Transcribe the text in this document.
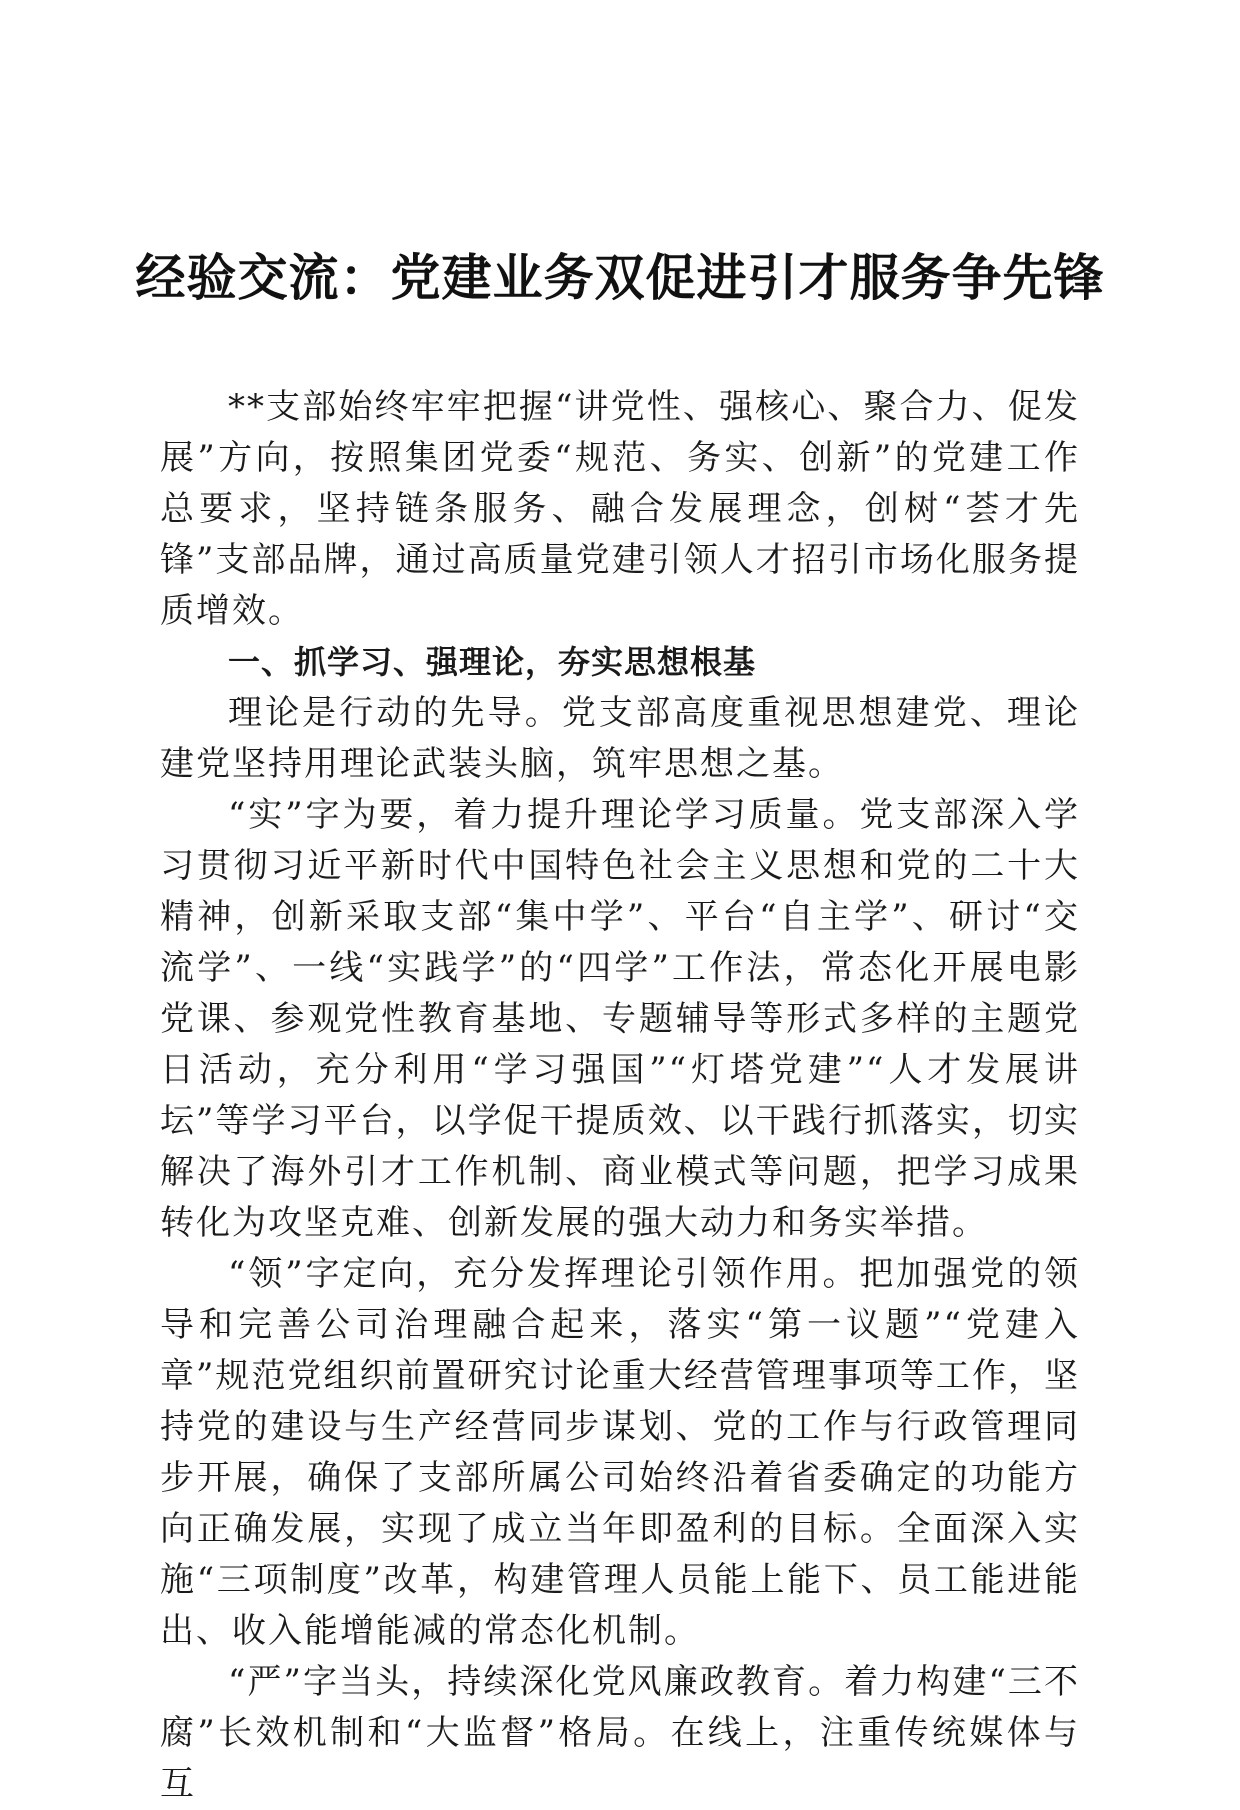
经验交流：党建业务双促进引才服务争先锋

**支部始终牢牢把握“讲党性、强核心、聚合力、促发展”方向，按照集团党委“规范、务实、创新”的党建工作总要求，坚持链条服务、融合发展理念，创树“荟才先锋”支部品牌，通过高质量党建引领人才招引市场化服务提质增效。

一、抓学习、强理论，夯实思想根基

理论是行动的先导。党支部高度重视思想建党、理论建党坚持用理论武装头脑，筑牢思想之基。

“实”字为要，着力提升理论学习质量。党支部深入学习贯彻习近平新时代中国特色社会主义思想和党的二十大精神，创新采取支部“集中学”、平台“自主学”、研讨“交流学”、一线“实践学”的“四学”工作法，常态化开展电影党课、参观党性教育基地、专题辅导等形式多样的主题党日活动，充分利用“学习强国”“灯塔党建”“人才发展讲坛”等学习平台，以学促干提质效、以干践行抓落实，切实解决了海外引才工作机制、商业模式等问题，把学习成果转化为攻坚克难、创新发展的强大动力和务实举措。

“领”字定向，充分发挥理论引领作用。把加强党的领导和完善公司治理融合起来，落实“第一议题”“党建入章”规范党组织前置研究讨论重大经营管理事项等工作，坚持党的建设与生产经营同步谋划、党的工作与行政管理同步开展，确保了支部所属公司始终沿着省委确定的功能方向正确发展，实现了成立当年即盈利的目标。全面深入实施“三项制度”改革，构建管理人员能上能下、员工能进能出、收入能增能减的常态化机制。

“严”字当头，持续深化党风廉政教育。着力构建“三不腐”长效机制和“大监督”格局。在线上，注重传统媒体与互
